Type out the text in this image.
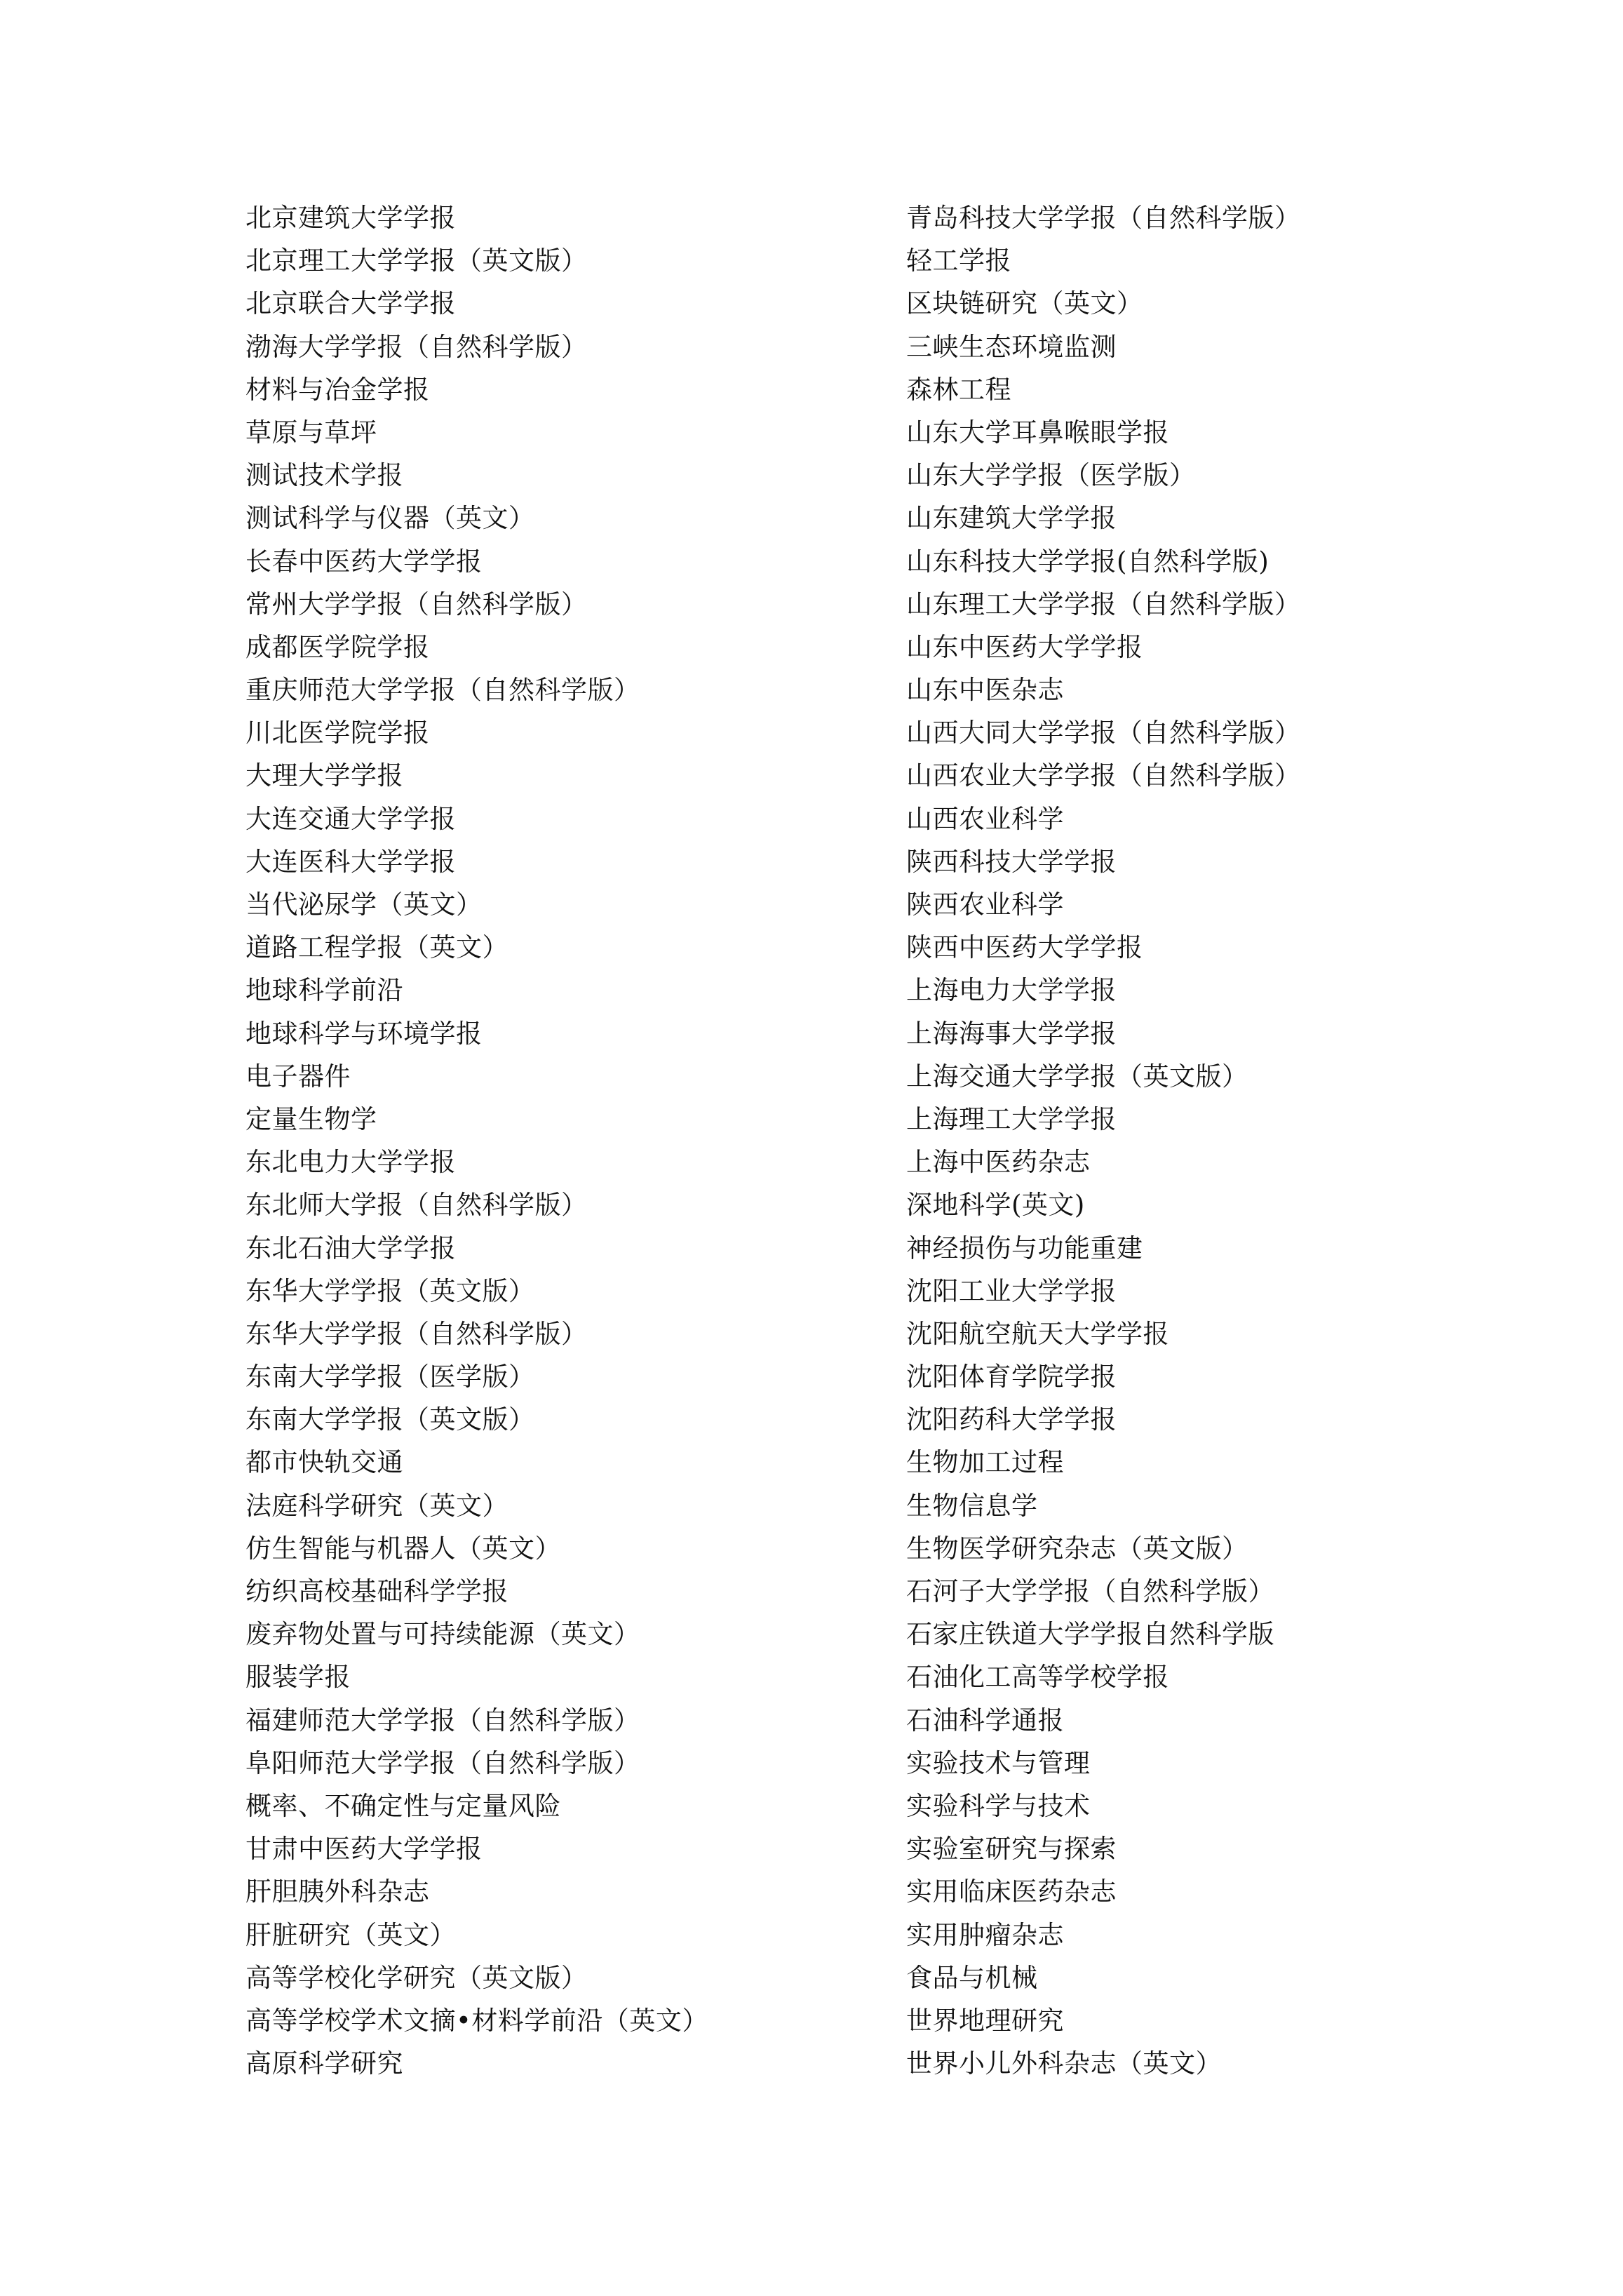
北京建筑大学学报
北京理工大学学报（英文版）
北京联合大学学报
渤海大学学报（自然科学版）
材料与冶金学报
草原与草坪
测试技术学报
测试科学与仪器（英文）
长春中医药大学学报
常州大学学报（自然科学版）
成都医学院学报
重庆师范大学学报（自然科学版）
川北医学院学报
大理大学学报
大连交通大学学报
大连医科大学学报
当代泌尿学（英文）
道路工程学报（英文）
地球科学前沿
地球科学与环境学报
电子器件
定量生物学
东北电力大学学报
东北师大学报（自然科学版）
东北石油大学学报
东华大学学报（英文版）
东华大学学报（自然科学版）
东南大学学报（医学版）
东南大学学报（英文版）
都市快轨交通
法庭科学研究（英文）
仿生智能与机器人（英文）
纺织高校基础科学学报
废弃物处置与可持续能源（英文）
服装学报
福建师范大学学报（自然科学版）
阜阳师范大学学报（自然科学版）
概率、不确定性与定量风险
甘肃中医药大学学报
肝胆胰外科杂志
肝脏研究（英文）
高等学校化学研究（英文版）
高等学校学术文摘•材料学前沿（英文）
高原科学研究
青岛科技大学学报（自然科学版）
轻工学报
区块链研究（英文）
三峡生态环境监测
森林工程
山东大学耳鼻喉眼学报
山东大学学报（医学版）
山东建筑大学学报
山东科技大学学报(自然科学版)
山东理工大学学报（自然科学版）
山东中医药大学学报
山东中医杂志
山西大同大学学报（自然科学版）
山西农业大学学报（自然科学版）
山西农业科学
陕西科技大学学报
陕西农业科学
陕西中医药大学学报
上海电力大学学报
上海海事大学学报
上海交通大学学报（英文版）
上海理工大学学报
上海中医药杂志
深地科学(英文)
神经损伤与功能重建
沈阳工业大学学报
沈阳航空航天大学学报
沈阳体育学院学报
沈阳药科大学学报
生物加工过程
生物信息学
生物医学研究杂志（英文版）
石河子大学学报（自然科学版）
石家庄铁道大学学报自然科学版
石油化工高等学校学报
石油科学通报
实验技术与管理
实验科学与技术
实验室研究与探索
实用临床医药杂志
实用肿瘤杂志
食品与机械
世界地理研究
世界小儿外科杂志（英文）
